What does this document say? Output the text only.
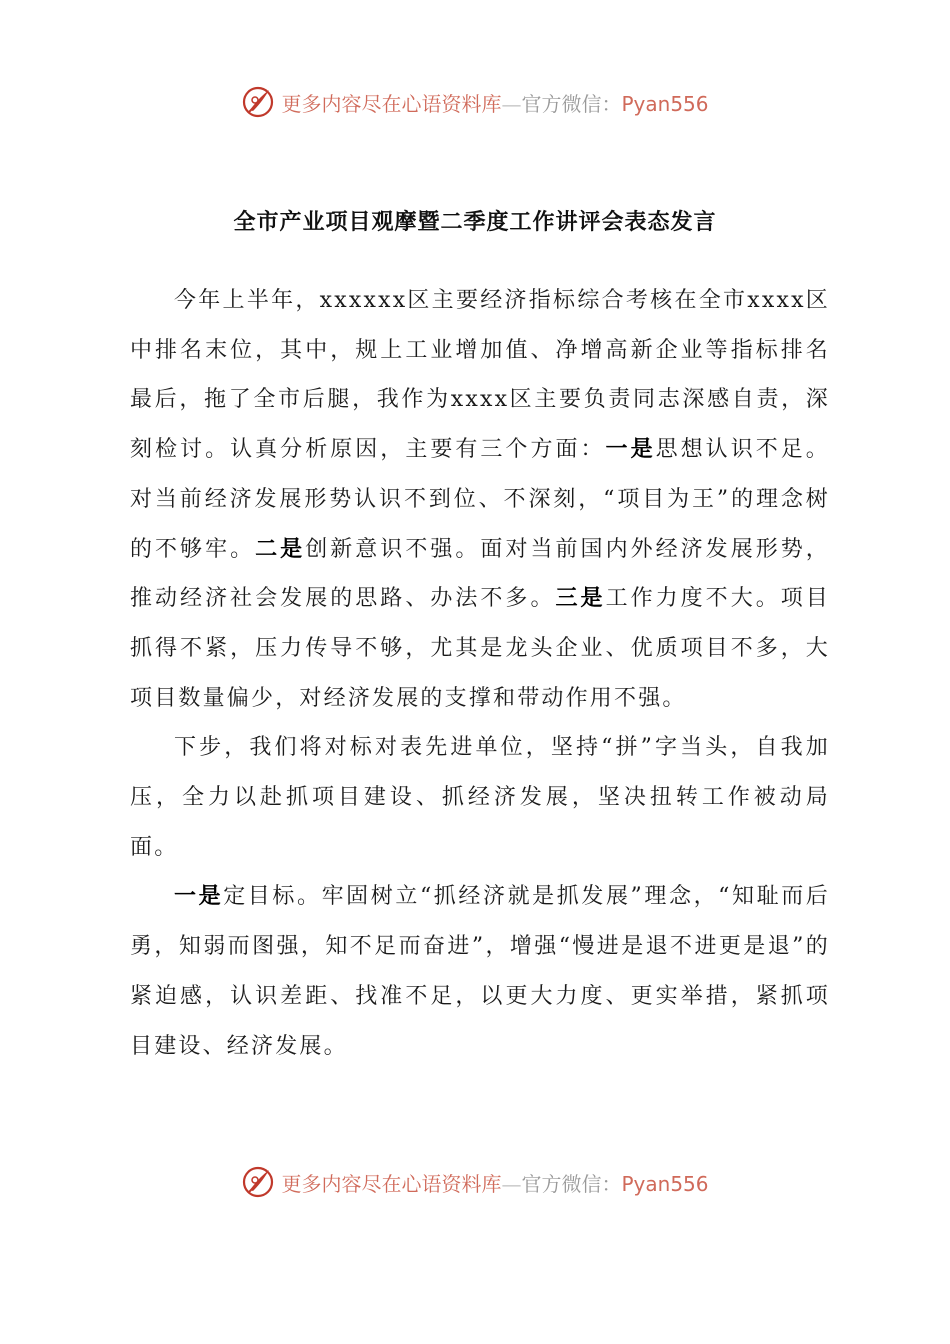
更多内容尽在心语资料库—官方微信：Pyan556
全市产业项目观摩暨二季度工作讲评会表态发言

今年上半年，xxxxxx区主要经济指标综合考核在全市xxxx区中排名末位，其中，规上工业增加值、净增高新企业等指标排名最后，拖了全市后腿，我作为xxxx区主要负责同志深感自责，深刻检讨。认真分析原因，主要有三个方面：一是思想认识不足。对当前经济发展形势认识不到位、不深刻，“项目为王”的理念树的不够牢。二是创新意识不强。面对当前国内外经济发展形势，推动经济社会发展的思路、办法不多。三是工作力度不大。项目抓得不紧，压力传导不够，尤其是龙头企业、优质项目不多，大项目数量偏少，对经济发展的支撑和带动作用不强。

下步，我们将对标对表先进单位，坚持“拼”字当头，自我加压，全力以赴抓项目建设、抓经济发展，坚决扭转工作被动局面。

一是定目标。牢固树立“抓经济就是抓发展”理念，“知耻而后勇，知弱而图强，知不足而奋进”，增强“慢进是退不进更是退”的紧迫感，认识差距、找准不足，以更大力度、更实举措，紧抓项目建设、经济发展。

更多内容尽在心语资料库—官方微信：Pyan556
